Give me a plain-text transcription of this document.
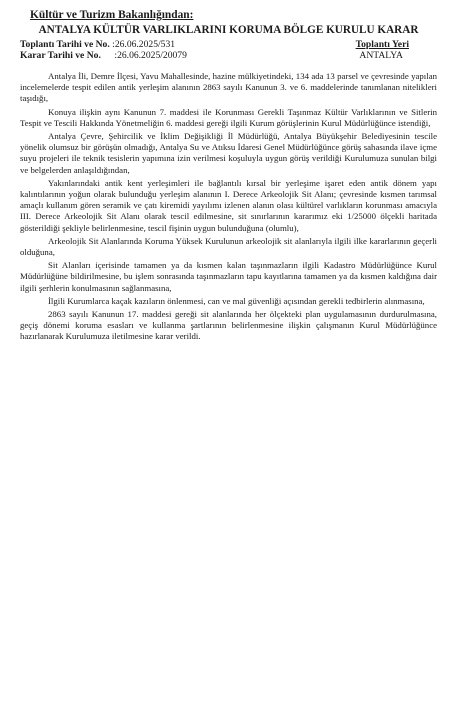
Kültür ve Turizm Bakanlığından:
ANTALYA KÜLTÜR VARLIKLARINI KORUMA BÖLGE KURULU KARAR
Toplantı Tarihi ve No. :26.06.2025/531	Toplantı Yeri
Karar Tarihi ve No. :26.06.2025/20079	ANTALYA

Antalya İli, Demre İlçesi, Yavu Mahallesinde, hazine mülkiyetindeki, 134 ada 13 parsel ve çevresinde yapılan incelemelerde tespit edilen antik yerleşim alanının 2863 sayılı Kanunun 3. ve 6. maddelerinde tanımlanan nitelikleri taşıdığı,

Konuya ilişkin aynı Kanunun 7. maddesi ile Korunması Gerekli Taşınmaz Kültür Varlıklarının ve Sitlerin Tespit ve Tescili Hakkında Yönetmeliğin 6. maddesi gereği ilgili Kurum görüşlerinin Kurul Müdürlüğünce istendiği,

Antalya Çevre, Şehircilik ve İklim Değişikliği İl Müdürlüğü, Antalya Büyükşehir Belediyesinin tescile yönelik olumsuz bir görüşün olmadığı, Antalya Su ve Atıksu İdaresi Genel Müdürlüğünce görüş sahasında ilave içme suyu projeleri ile teknik tesislerin yapımına izin verilmesi koşuluyla uygun görüş verildiği Kurulumuza sunulan bilgi ve belgelerden anlaşıldığından,

Yakınlarındaki antik kent yerleşimleri ile bağlantılı kırsal bir yerleşime işaret eden antik dönem yapı kalıntılarının yoğun olarak bulunduğu yerleşim alanının I. Derece Arkeolojik Sit Alanı; çevresinde kısmen tarımsal amaçlı kullanım gören seramik ve çatı kiremidi yayılımı izlenen alanın olası kültürel varlıkların korunması amacıyla III. Derece Arkeolojik Sit Alanı olarak tescil edilmesine, sit sınırlarının kararımız eki 1/25000 ölçekli haritada gösterildiği şekliyle belirlenmesine, tescil fişinin uygun bulunduğuna (olumlu),

Arkeolojik Sit Alanlarında Koruma Yüksek Kurulunun arkeolojik sit alanlarıyla ilgili ilke kararlarının geçerli olduğuna,

Sit Alanları içerisinde tamamen ya da kısmen kalan taşınmazların ilgili Kadastro Müdürlüğünce Kurul Müdürlüğüne bildirilmesine, bu işlem sonrasında taşınmazların tapu kayıtlarına tamamen ya da kısmen kaldığına dair ilgili şerhlerin konulmasının sağlanmasına,

İlgili Kurumlarca kaçak kazıların önlenmesi, can ve mal güvenliği açısından gerekli tedbirlerin alınmasına,

2863 sayılı Kanunun 17. maddesi gereği sit alanlarında her ölçekteki plan uygulamasının durdurulmasına, geçiş dönemi koruma esasları ve kullanma şartlarının belirlenmesine ilişkin çalışmanın Kurul Müdürlüğünce hazırlanarak Kurulumuza iletilmesine karar verildi.
